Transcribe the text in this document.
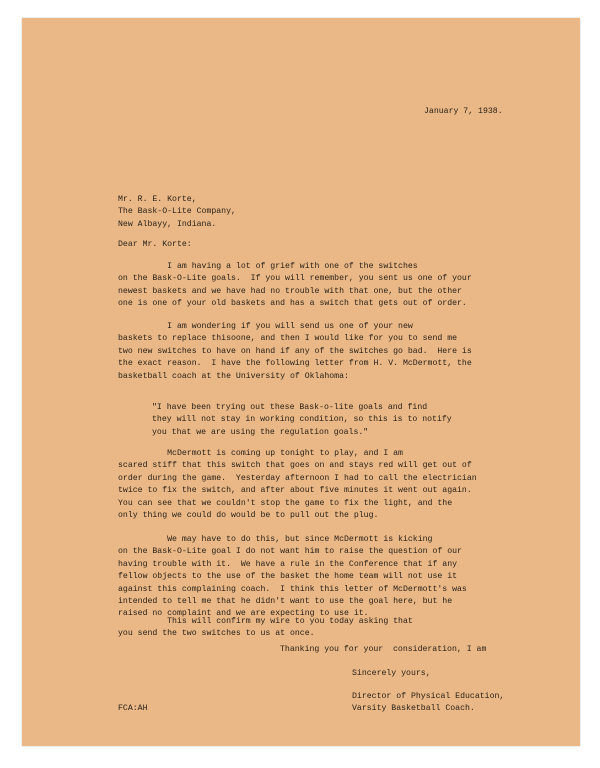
January 7, 1938.
Mr. R. E. Korte,
The Bask-O-Lite Company,
New Albayy, Indiana.
Dear Mr. Korte:
I am having a lot of grief with one of the switches
on the Bask-O-Lite goals.  If you will remember, you sent us one of your
newest baskets and we have had no trouble with that one, but the other
one is one of your old baskets and has a switch that gets out of order.
I am wondering if you will send us one of your new
baskets to replace thisoone, and then I would like for you to send me
two new switches to have on hand if any of the switches go bad.  Here is
the exact reason.  I have the following letter from H. V. McDermott, the
basketball coach at the University of Oklahoma:
"I have been trying out these Bask-o-lite goals and find
they will not stay in working condition, so this is to notify
you that we are using the regulation goals."
McDermott is coming up tonight to play, and I am
scared stiff that this switch that goes on and stays red will get out of
order during the game.  Yesterday afternoon I had to call the electrician
twice to fix the switch, and after about five minutes it went out again.
You can see that we couldn't stop the game to fix the light, and the
only thing we could do would be to pull out the plug.
We may have to do this, but since McDermott is kicking
on the Bask-O-Lite goal I do not want him to raise the question of our
having trouble with it.  We have a rule in the Conference that if any
fellow objects to the use of the basket the home team will not use it
against this complaining coach.  I think this letter of McDermott's was
intended to tell me that he didn't want to use the goal here, but he
raised no complaint and we are expecting to use it.
This will confirm my wire to you today asking that
you send the two switches to us at once.
Thanking you for your  consideration, I am
Sincerely yours,
Director of Physical Education,
Varsity Basketball Coach.
FCA:AH
